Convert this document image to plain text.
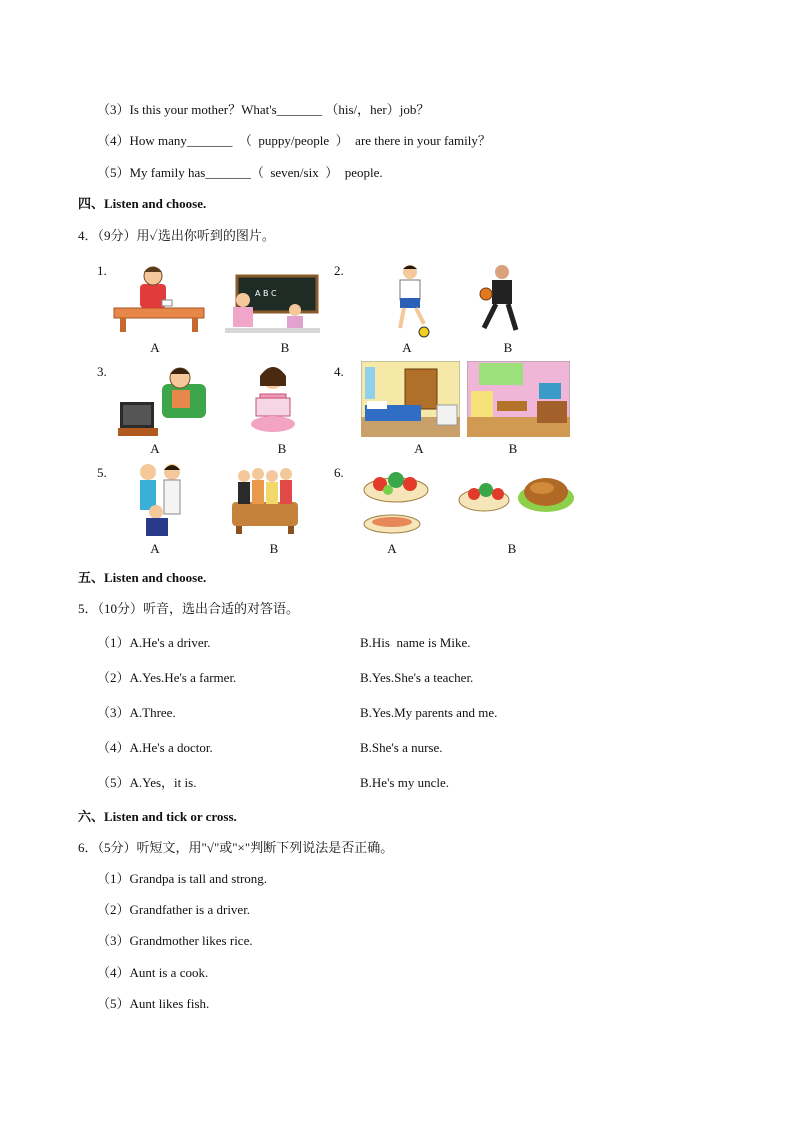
（3）Is this your mother？What's_______ （his/，her）job？
（4）How many_______  （  puppy/people  ）  are there in your family？
（5）My family has_______（  seven/six  ）  people.
四、Listen and choose.
4．（9分）用✓选出你听到的图片。
1.
A B C
A	B
2.
A	B
3.
A	B
4.
A	B
5.
A	B
6.
A	B
五、Listen and choose.
5．（10分）听音，选出合适的对答语。
（1）A.He's a driver.	B.His  name is Mike.
（2）A.Yes.He's a farmer.	B.Yes.She's a teacher.
（3）A.Three.	B.Yes.My parents and me.
（4）A.He's a doctor.	B.She's a nurse.
（5）A.Yes，it is.	B.He's my uncle.
六、Listen and tick or cross.
6．（5分）听短文，用"√"或"×"判断下列说法是否正确。
（1）Grandpa is tall and strong.
（2）Grandfather is a driver.
（3）Grandmother likes rice.
（4）Aunt is a cook.
（5）Aunt likes fish.
